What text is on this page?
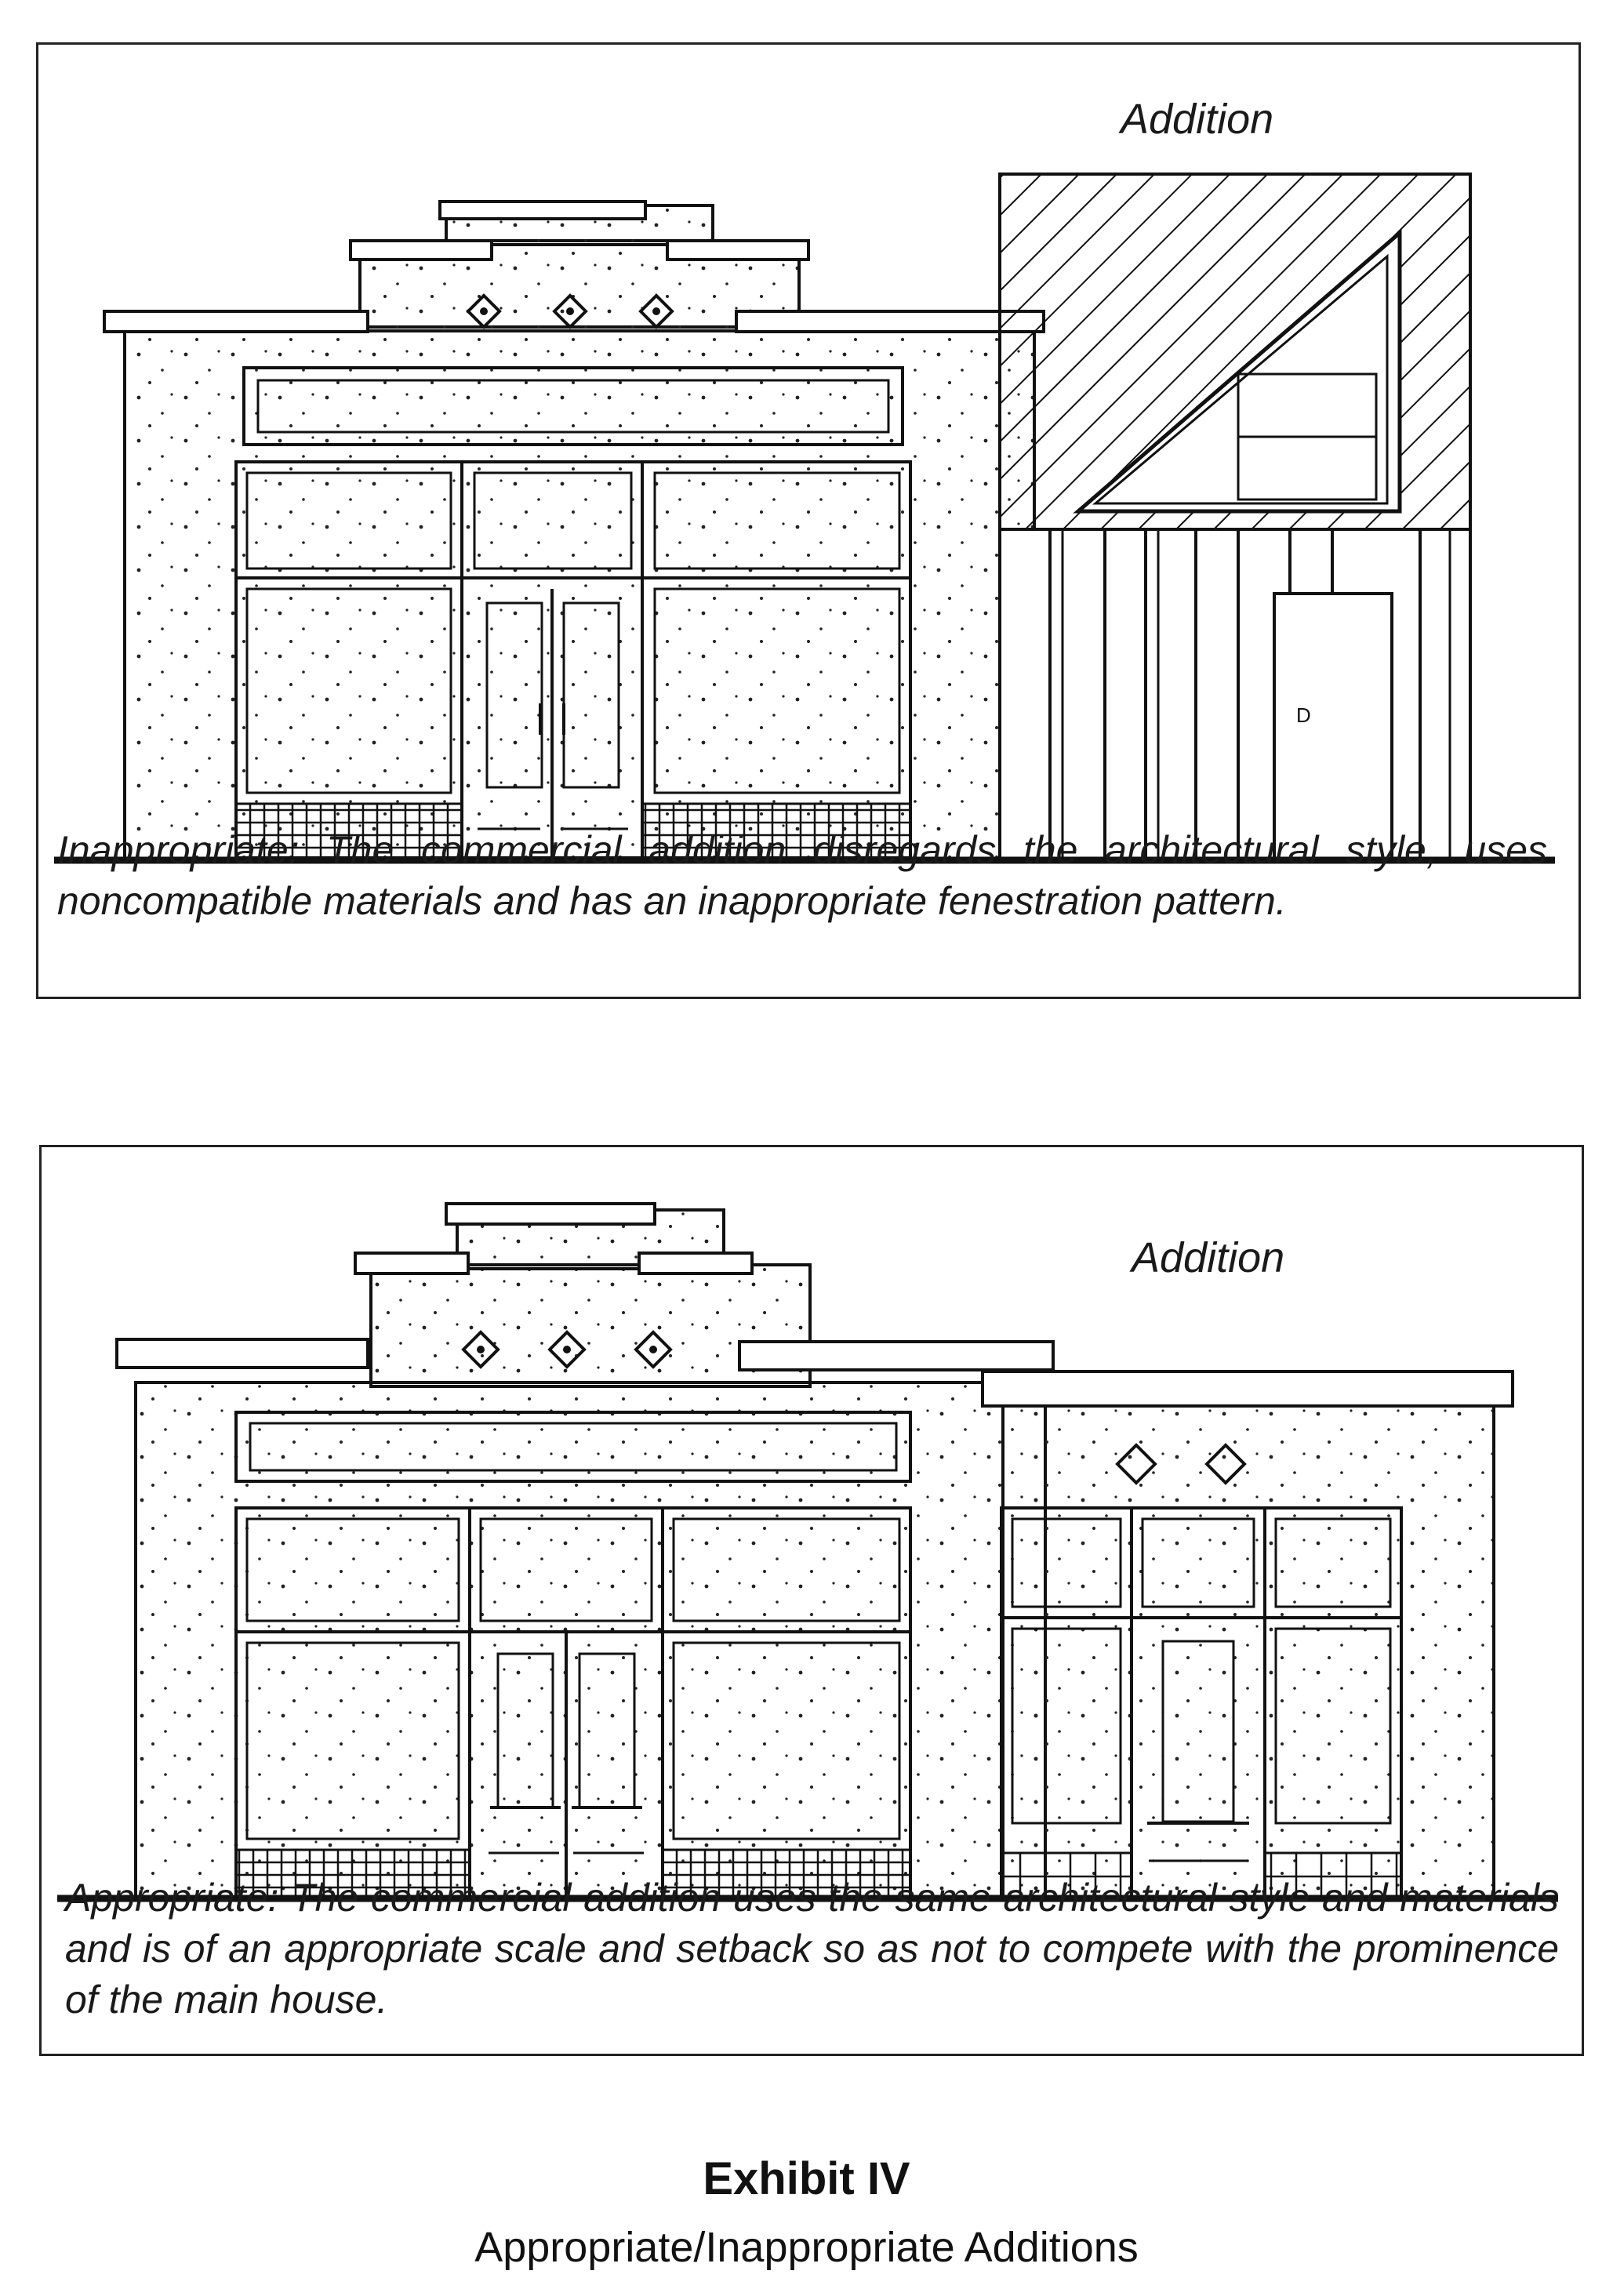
D
Addition

Inappropriate: The commercial addition disregards the architectural style, uses noncompatible materials and has an inappropriate fenestration pattern.

Addition

Appropriate: The commercial addition uses the same architectural style and materials and is of an appropriate scale and setback so as not to compete with the prominence of the main house.

Exhibit IV
Appropriate/Inappropriate Additions
